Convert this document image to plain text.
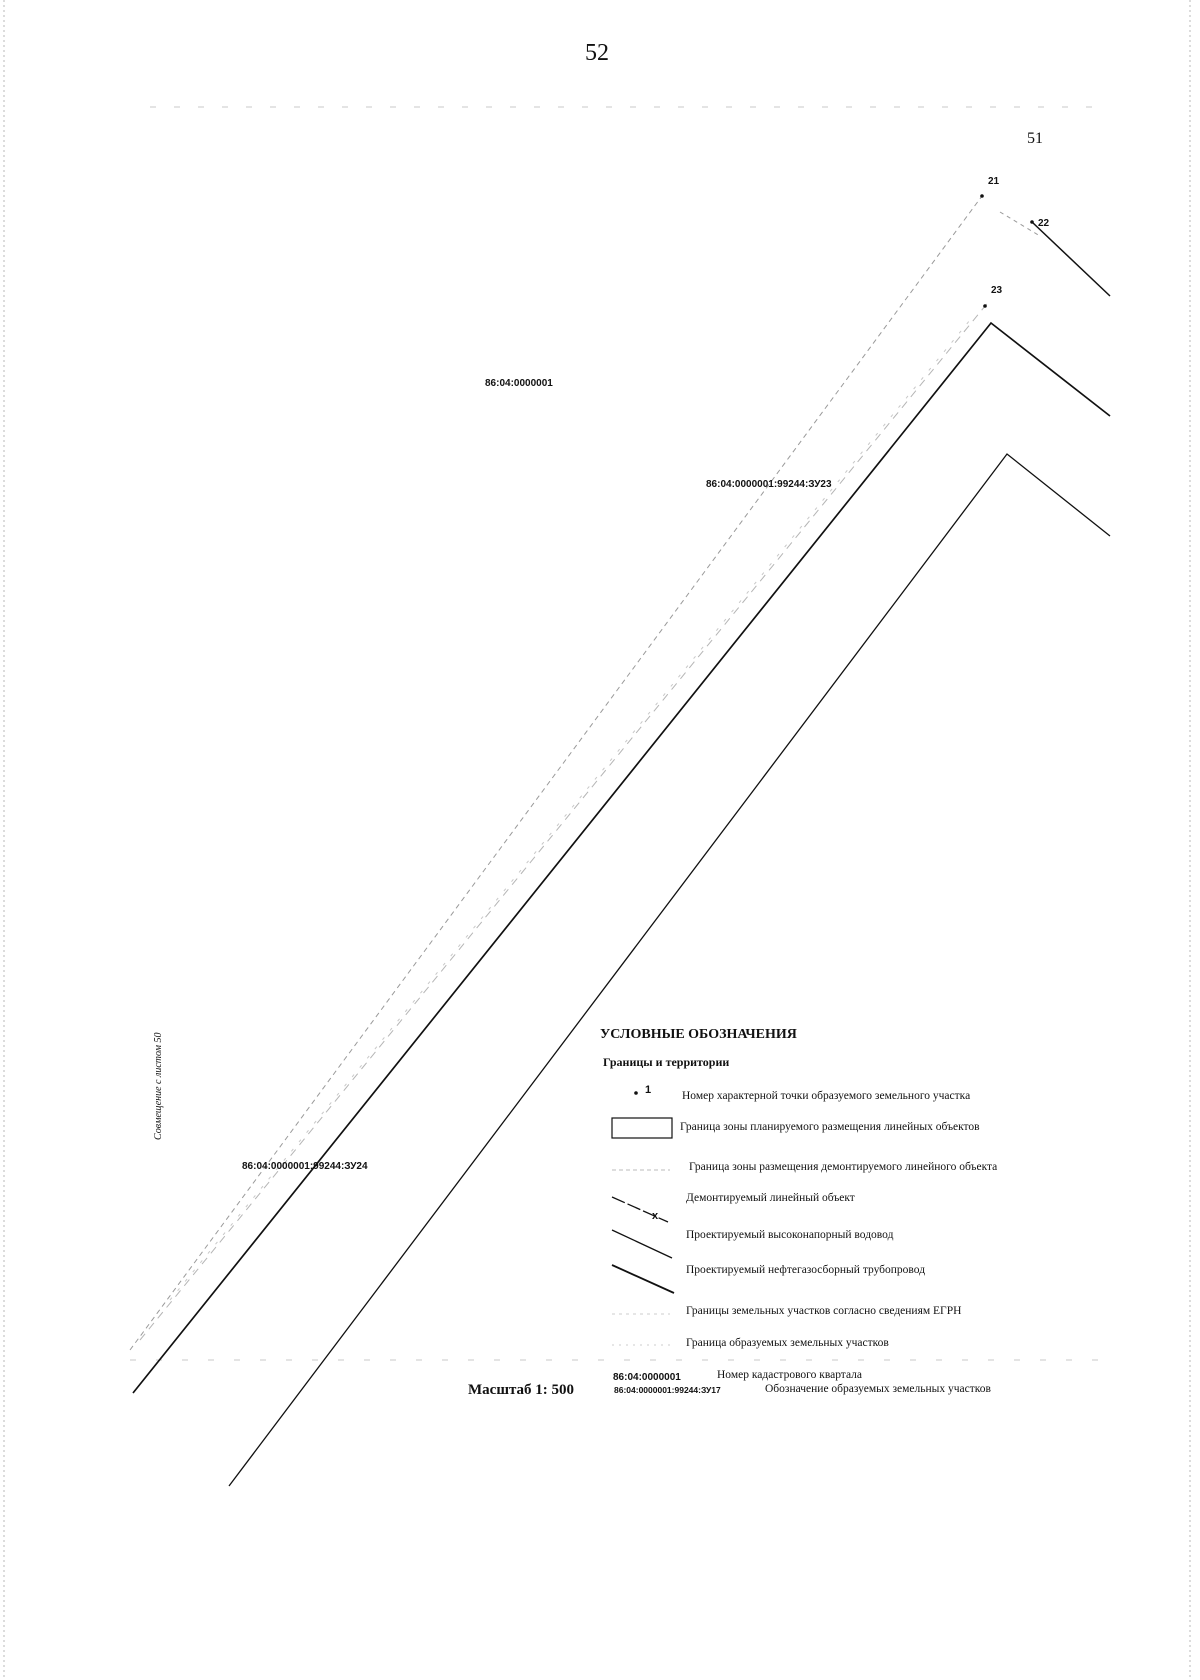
x
52
51
21
22
23
86:04:0000001
86:04:0000001:99244:ЗУ23
86:04:0000001:99244:ЗУ24
Совмещение с листом 50	УСЛОВНЫЕ ОБОЗНАЧЕНИЯ
Границы и территории
1	Номер характерной точки образуемого земельного участка
Граница зоны планируемого размещения линейных объектов
Граница зоны размещения демонтируемого линейного объекта
Демонтируемый линейный объект
Проектируемый высоконапорный водовод
Проектируемый нефтегазосборный трубопровод
Границы земельных участков согласно сведениям ЕГРН
Граница образуемых земельных участков
86:04:0000001	Номер кадастрового квартала
86:04:0000001:99244:ЗУ17	Обозначение образуемых земельных участков
Масштаб 1: 500
